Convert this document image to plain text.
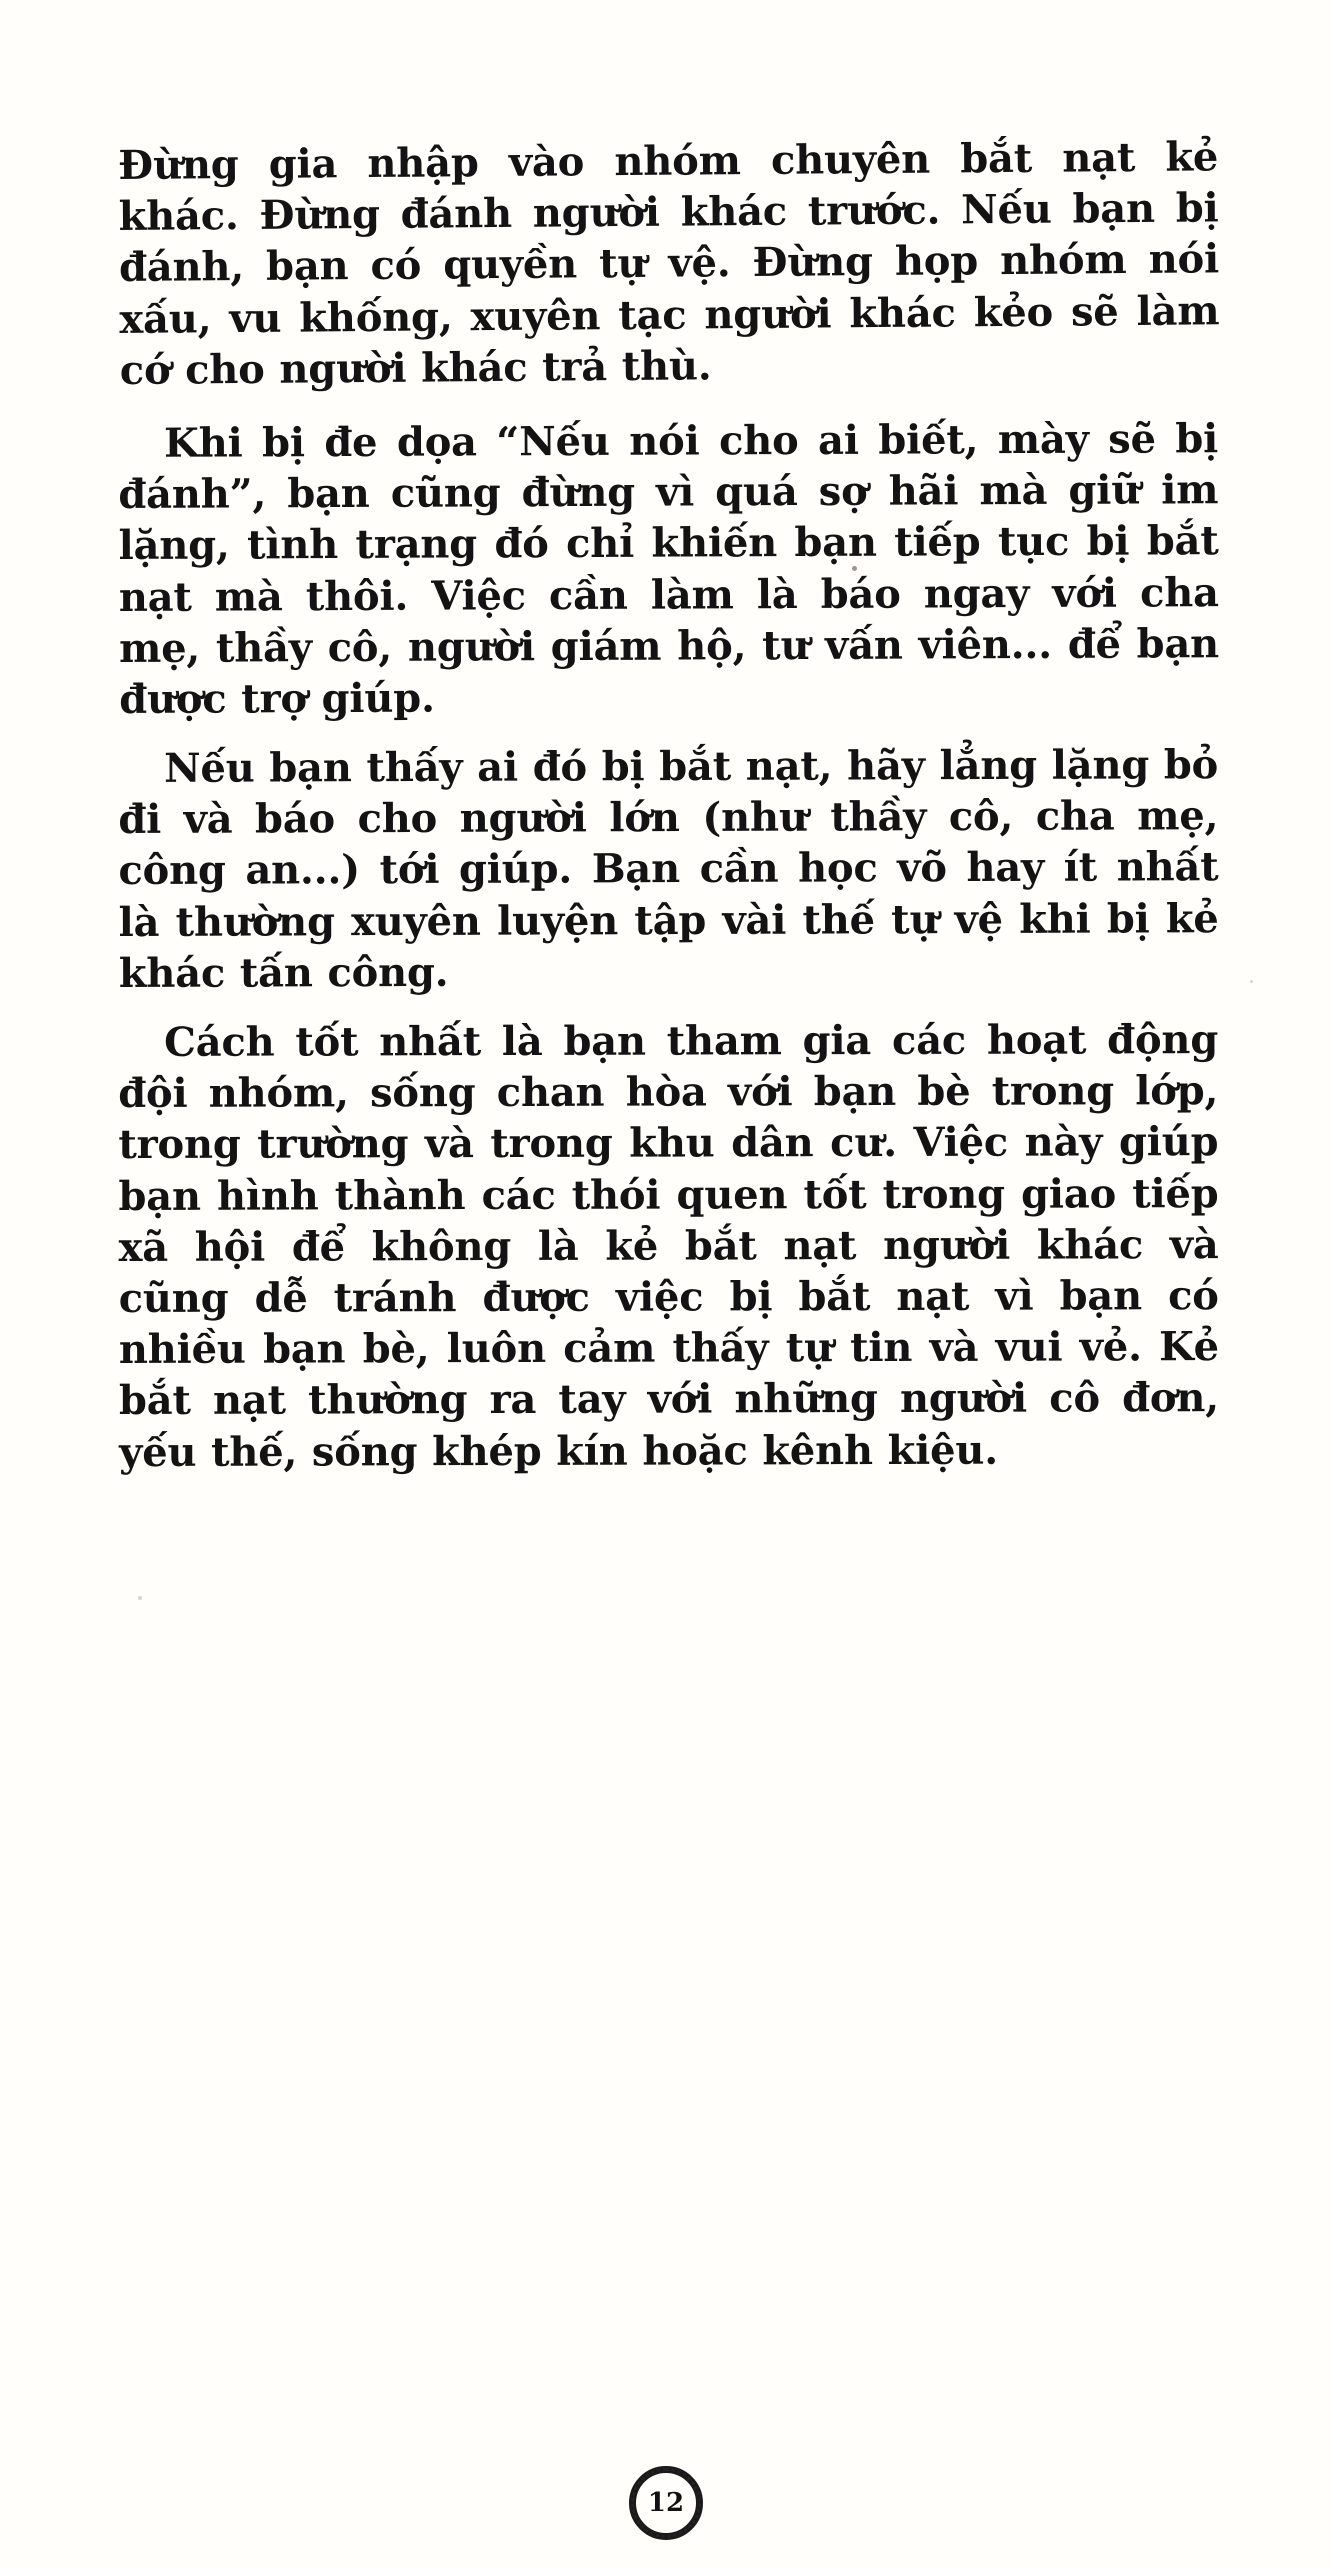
Đừng gia nhập vào nhóm chuyên bắt nạt kẻ khác. Đừng đánh người khác trước. Nếu bạn bị đánh, bạn có quyền tự vệ. Đừng họp nhóm nói xấu, vu khống, xuyên tạc người khác kẻo sẽ làm cớ cho người khác trả thù.

Khi bị đe dọa “Nếu nói cho ai biết, mày sẽ bị đánh”, bạn cũng đừng vì quá sợ hãi mà giữ im lặng, tình trạng đó chỉ khiến bạn tiếp tục bị bắt nạt mà thôi. Việc cần làm là báo ngay với cha mẹ, thầy cô, người giám hộ, tư vấn viên... để bạn được trợ giúp.

Nếu bạn thấy ai đó bị bắt nạt, hãy lẳng lặng bỏ đi và báo cho người lớn (như thầy cô, cha mẹ, công an...) tới giúp. Bạn cần học võ hay ít nhất là thường xuyên luyện tập vài thế tự vệ khi bị kẻ khác tấn công.

Cách tốt nhất là bạn tham gia các hoạt động đội nhóm, sống chan hòa với bạn bè trong lớp, trong trường và trong khu dân cư. Việc này giúp bạn hình thành các thói quen tốt trong giao tiếp xã hội để không là kẻ bắt nạt người khác và cũng dễ tránh được việc bị bắt nạt vì bạn có nhiều bạn bè, luôn cảm thấy tự tin và vui vẻ. Kẻ bắt nạt thường ra tay với những người cô đơn, yếu thế, sống khép kín hoặc kênh kiệu.

12
